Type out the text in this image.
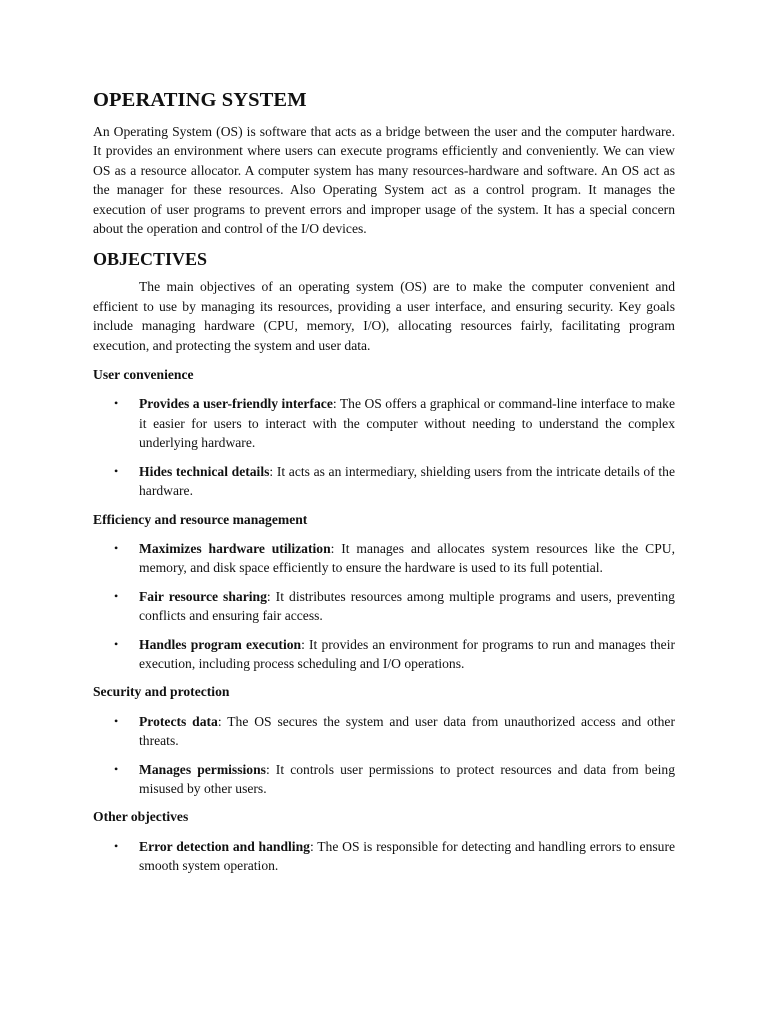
OPERATING SYSTEM

An Operating System (OS) is software that acts as a bridge between the user and the computer hardware. It provides an environment where users can execute programs efficiently and conveniently. We can view OS as a resource allocator. A computer system has many resources-hardware and software. An OS act as the manager for these resources. Also Operating System act as a control program. It manages the execution of user programs to prevent errors and improper usage of the system. It has a special concern about the operation and control of the I/O devices.

OBJECTIVES

The main objectives of an operating system (OS) are to make the computer convenient and efficient to use by managing its resources, providing a user interface, and ensuring security. Key goals include managing hardware (CPU, memory, I/O), allocating resources fairly, facilitating program execution, and protecting the system and user data.

User convenience
• Provides a user-friendly interface: The OS offers a graphical or command-line interface to make it easier for users to interact with the computer without needing to understand the complex underlying hardware.
• Hides technical details: It acts as an intermediary, shielding users from the intricate details of the hardware.
Efficiency and resource management
• Maximizes hardware utilization: It manages and allocates system resources like the CPU, memory, and disk space efficiently to ensure the hardware is used to its full potential.
• Fair resource sharing: It distributes resources among multiple programs and users, preventing conflicts and ensuring fair access.
• Handles program execution: It provides an environment for programs to run and manages their execution, including process scheduling and I/O operations.
Security and protection
• Protects data: The OS secures the system and user data from unauthorized access and other threats.
• Manages permissions: It controls user permissions to protect resources and data from being misused by other users.
Other objectives
• Error detection and handling: The OS is responsible for detecting and handling errors to ensure smooth system operation.
